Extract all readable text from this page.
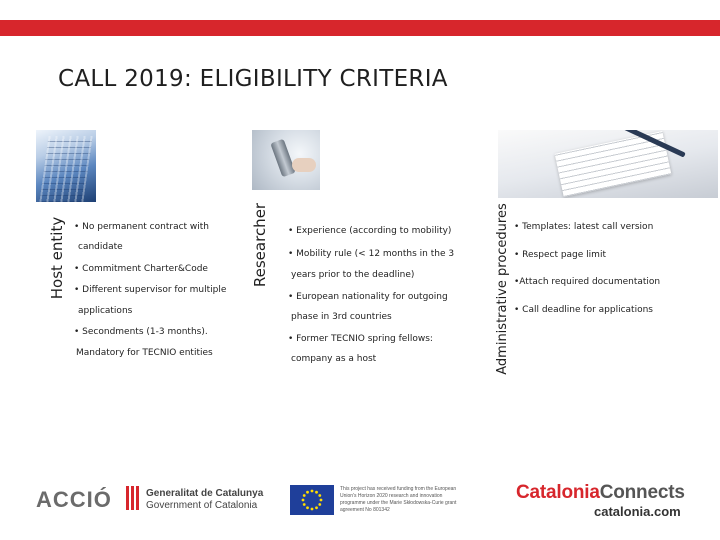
CALL 2019: ELIGIBILITY CRITERIA
Host entity	Researcher	Administrative procedures
• No permanent contract with
candidate
• Commitment Charter&Code
• Different supervisor for multiple
applications
• Secondments (1-3 months).
Mandatory for TECNIO entities
• Experience (according to mobility)
• Mobility rule (< 12 months in the 3
years prior to the deadline)
• European nationality for outgoing
phase in 3rd countries
• Former TECNIO spring fellows:
company as a host
• Templates: latest call version
• Respect page limit
•Attach required documentation
• Call deadline for applications
ACCIÓ	Generalitat de Catalunya
Government of Catalonia
This project has received funding from the European
Union's Horizon 2020 research and innovation
programme under the Marie Skłodowska-Curie grant
agreement No 801342
CataloniaConnects
catalonia.com
